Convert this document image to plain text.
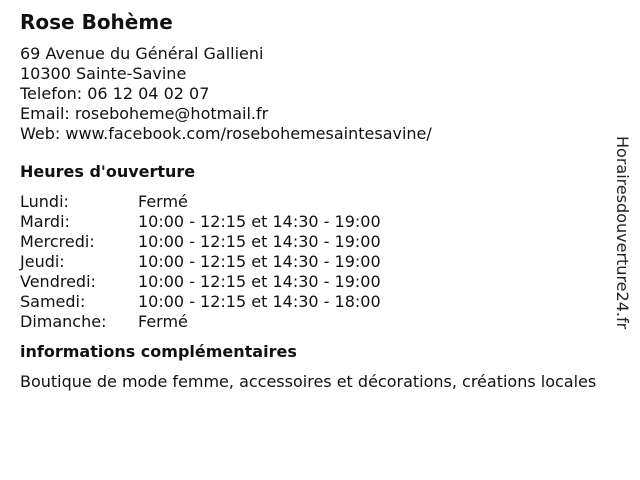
Rose Bohème
69 Avenue du Général Gallieni
10300 Sainte-Savine
Telefon: 06 12 04 02 07
Email: roseboheme@hotmail.fr
Web: www.facebook.com/rosebohemesaintesavine/
Heures d'ouverture
Lundi:	Fermé
Mardi:	10:00 - 12:15 et 14:30 - 19:00
Mercredi:	10:00 - 12:15 et 14:30 - 19:00
Jeudi:	10:00 - 12:15 et 14:30 - 19:00
Vendredi:	10:00 - 12:15 et 14:30 - 19:00
Samedi:	10:00 - 12:15 et 14:30 - 18:00
Dimanche:	Fermé
informations complémentaires
Boutique de mode femme, accessoires et décorations, créations locales
Horairesdouverture24.fr
